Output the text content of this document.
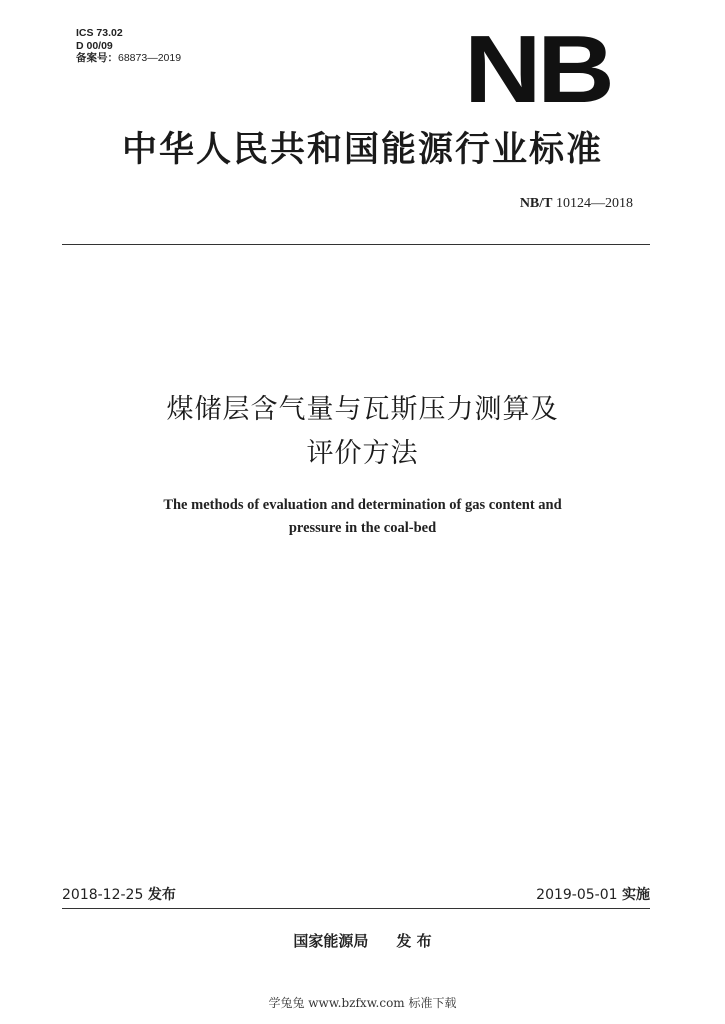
ICS 73.02
D 00/09
备案号：68873—2019	NB
中华人民共和国能源行业标准
NB/T 10124—2018
煤储层含气量与瓦斯压力测算及
评价方法
The methods of evaluation and determination of gas content and
pressure in the coal-bed
2018-12-25 发布	2019-05-01 实施
国家能源局 发 布
学兔兔 www.bzfxw.com 标准下载
